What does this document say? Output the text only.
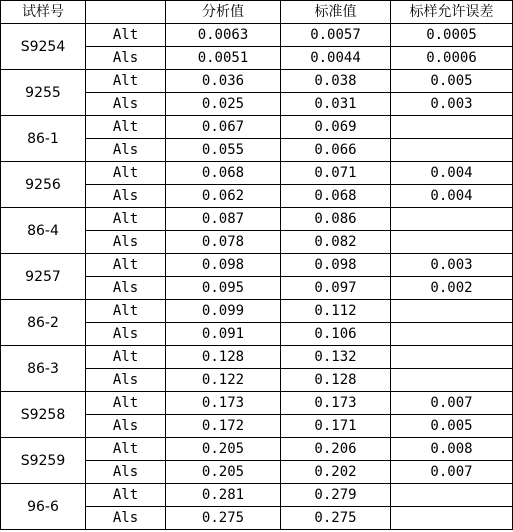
试样号		分析值	标准值	标样允许误差
S9254	Alt	0.0063	0.0057	0.0005
	Als	0.0051	0.0044	0.0006
9255	Alt	0.036	0.038	0.005
	Als	0.025	0.031	0.003
86-1	Alt	0.067	0.069	
	Als	0.055	0.066	
9256	Alt	0.068	0.071	0.004
	Als	0.062	0.068	0.004
86-4	Alt	0.087	0.086	
	Als	0.078	0.082	
9257	Alt	0.098	0.098	0.003
	Als	0.095	0.097	0.002
86-2	Alt	0.099	0.112	
	Als	0.091	0.106	
86-3	Alt	0.128	0.132	
	Als	0.122	0.128	
S9258	Alt	0.173	0.173	0.007
	Als	0.172	0.171	0.005
S9259	Alt	0.205	0.206	0.008
	Als	0.205	0.202	0.007
96-6	Alt	0.281	0.279	
	Als	0.275	0.275	
